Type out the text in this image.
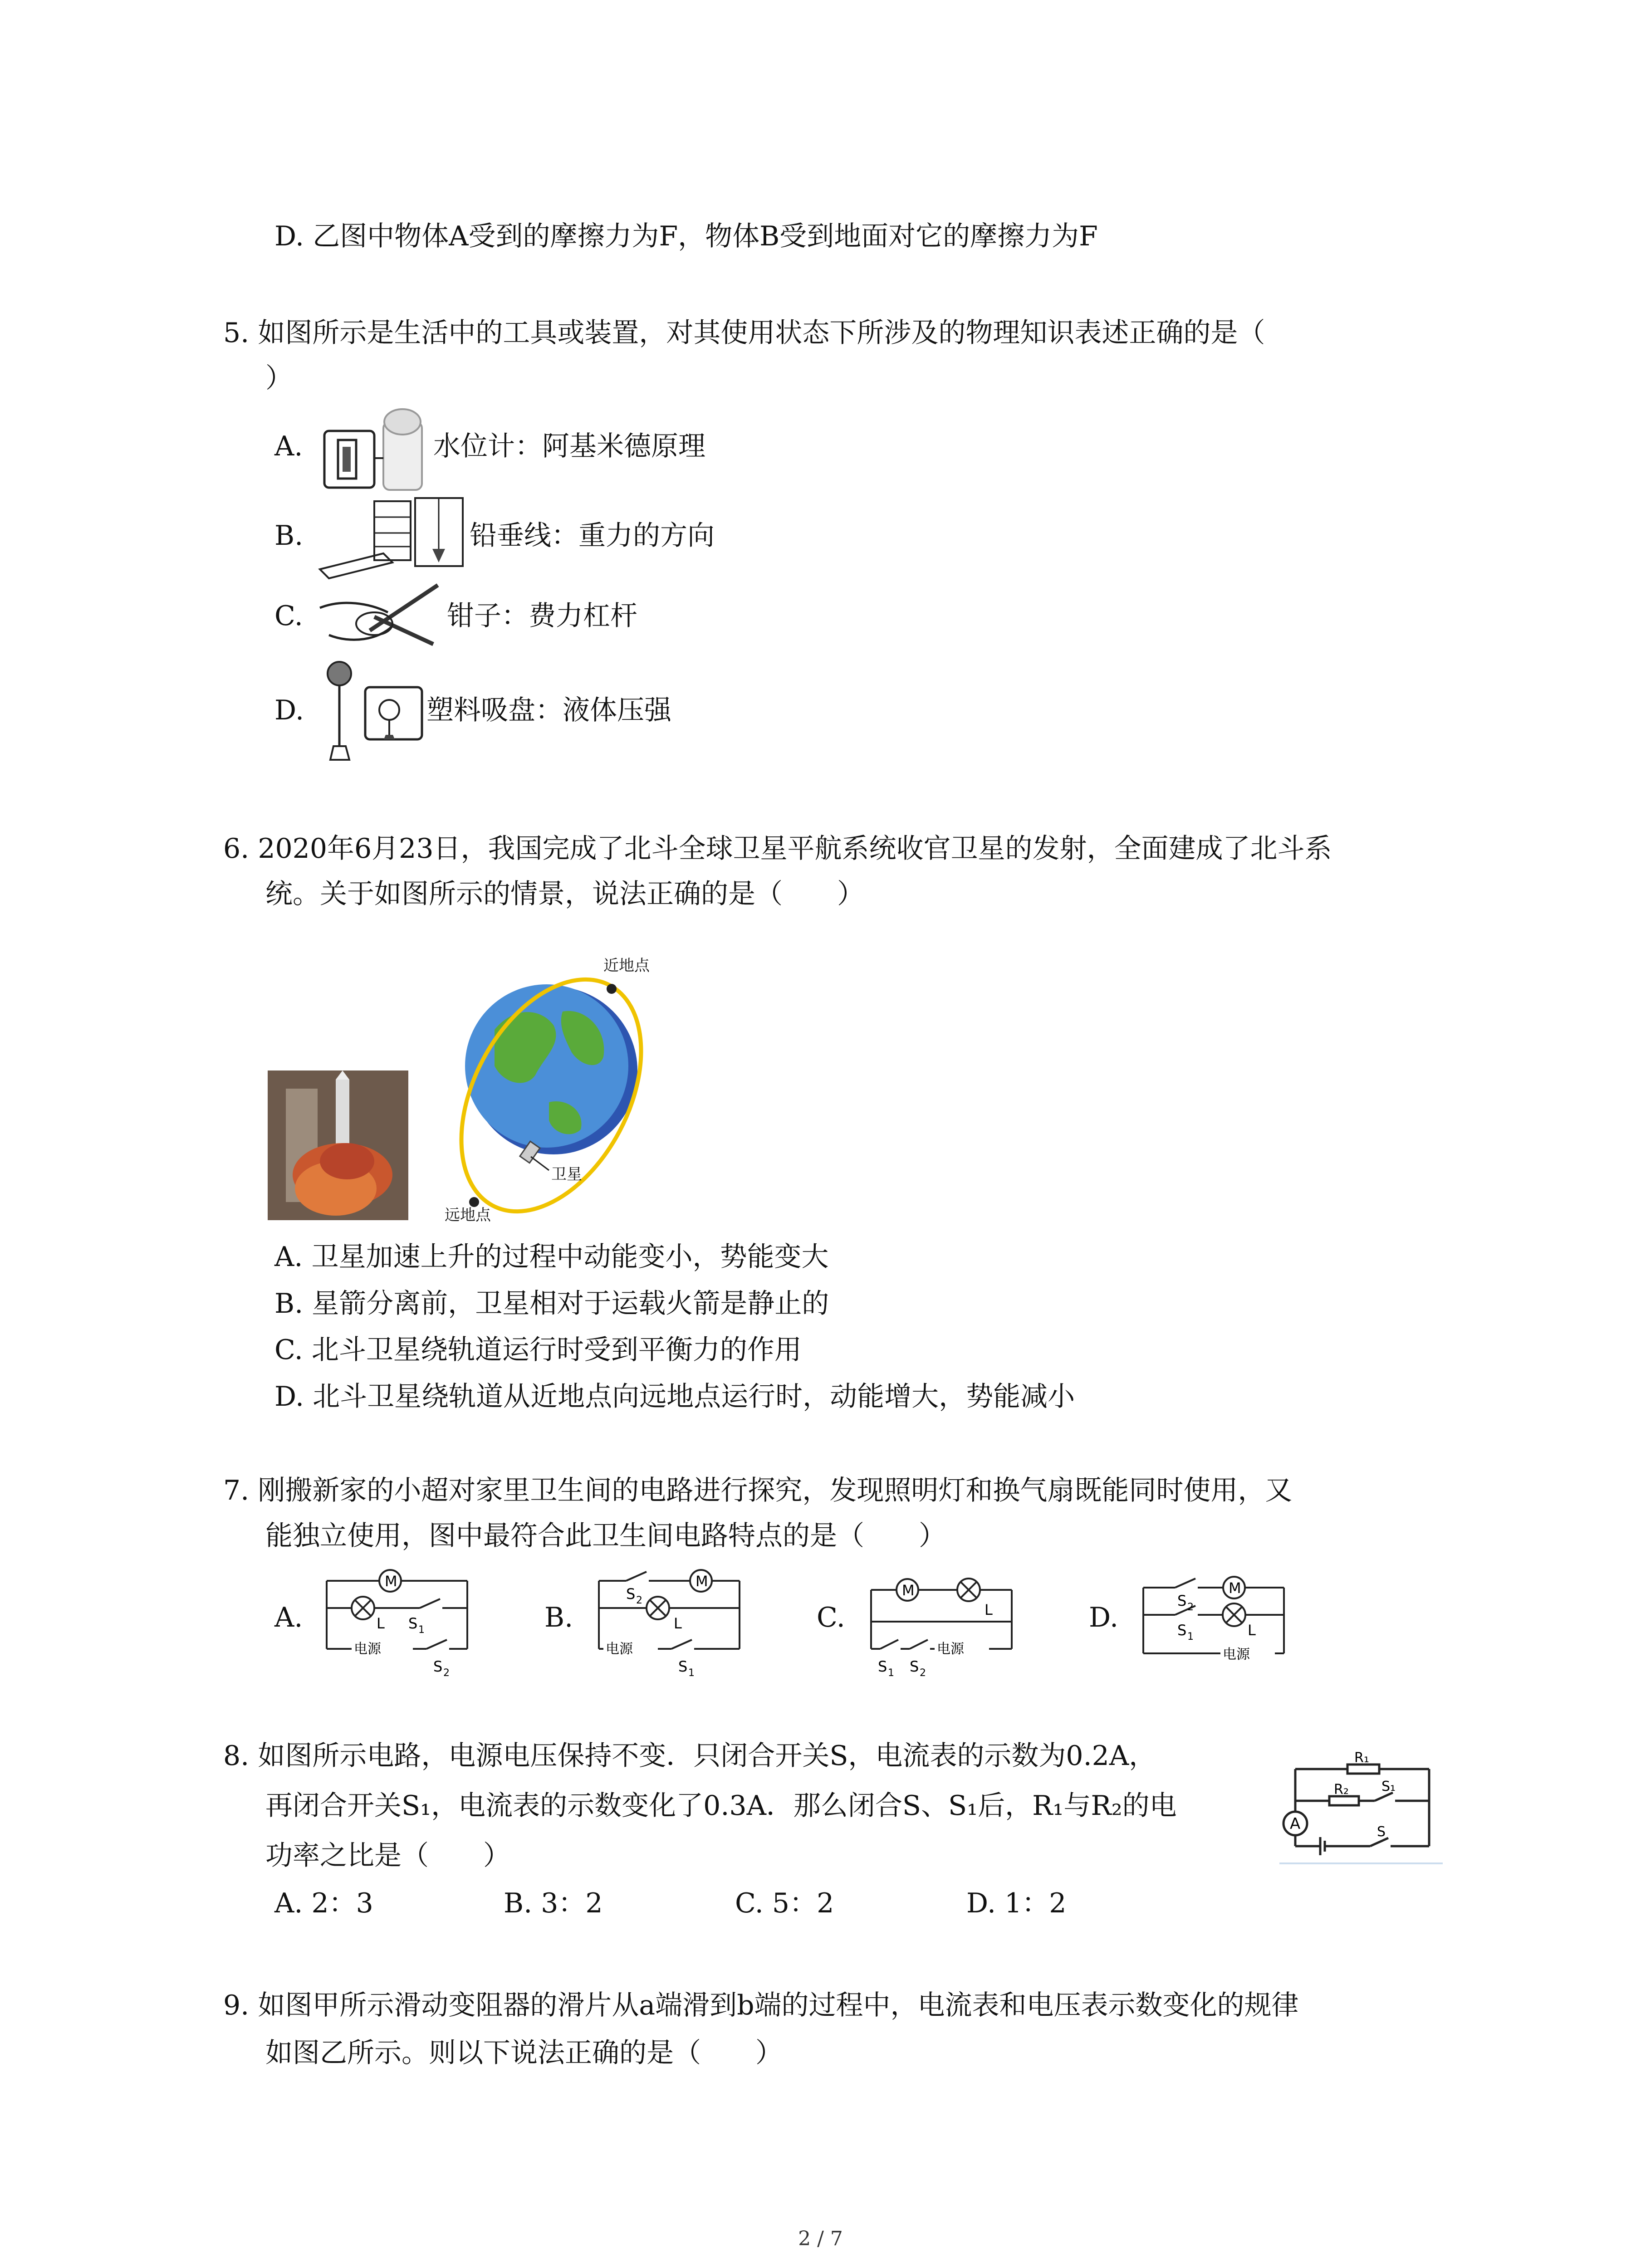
D. 乙图中物体A受到的摩擦力为F，物体B受到地面对它的摩擦力为F
5. 如图所示是生活中的工具或装置，对其使用状态下所涉及的物理知识表述正确的是（
）
A.	水位计：阿基米德原理
B.	铅垂线：重力的方向
C.	钳子：费力杠杆
D.	塑料吸盘：液体压强
6. 2020年6月23日，我国完成了北斗全球卫星平航系统收官卫星的发射，全面建成了北斗系
统。关于如图所示的情景，说法正确的是（　　）
近地点
远地点
卫星
A. 卫星加速上升的过程中动能变小，势能变大
B. 星箭分离前，卫星相对于运载火箭是静止的
C. 北斗卫星绕轨道运行时受到平衡力的作用
D. 北斗卫星绕轨道从近地点向远地点运行时，动能增大，势能减小
7. 刚搬新家的小超对家里卫生间的电路进行探究，发现照明灯和换气扇既能同时使用，又
能独立使用，图中最符合此卫生间电路特点的是（　　）
A.
M
L S 1
电源
S 2
B.
M
S 2
L
电源
S 1
C.
M
L
电源
S 1 S 2
D.
M
S 2
S 1	L
电源
8. 如图所示电路，电源电压保持不变．只闭合开关S，电流表的示数为0.2A，
再闭合开关S₁，电流表的示数变化了0.3A．那么闭合S、S₁后，R₁与R₂的电
功率之比是（　　）
A
R₁
R₂ S₁
S
A. 2：3	B. 3：2	C. 5：2	D. 1：2
9. 如图甲所示滑动变阻器的滑片从a端滑到b端的过程中，电流表和电压表示数变化的规律
如图乙所示。则以下说法正确的是（　　）
2 / 7
